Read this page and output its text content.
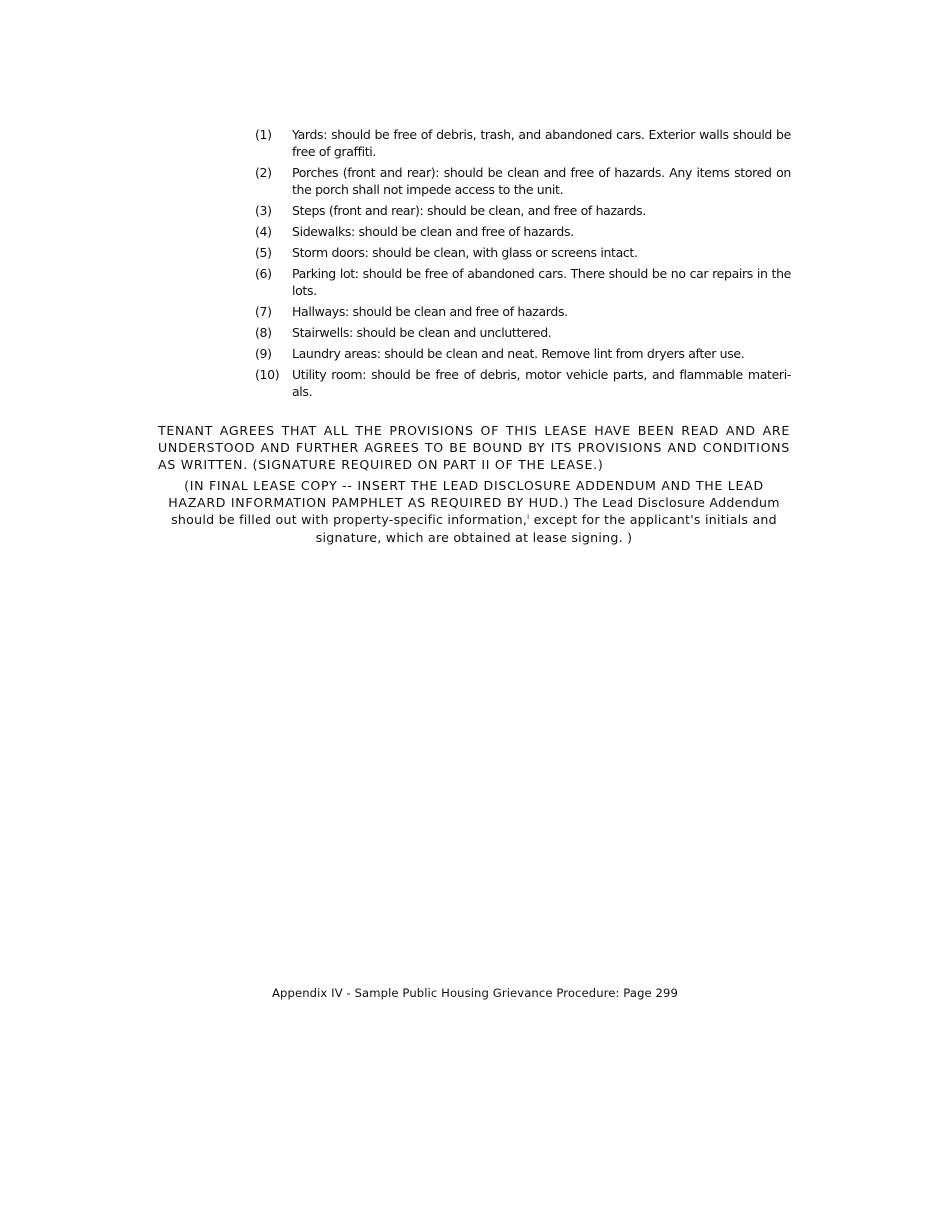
(1)	Yards: should be free of debris, trash, and abandoned cars. Exterior walls should be free of graffiti.
(2)	Porches (front and rear): should be clean and free of hazards. Any items stored on the porch shall not impede access to the unit.
(3)	Steps (front and rear): should be clean, and free of hazards.
(4)	Sidewalks: should be clean and free of hazards.
(5)	Storm doors: should be clean, with glass or screens intact.
(6)	Parking lot: should be free of abandoned cars. There should be no car repairs in the lots.
(7)	Hallways: should be clean and free of hazards.
(8)	Stairwells: should be clean and uncluttered.
(9)	Laundry areas: should be clean and neat. Remove lint from dryers after use.
(10)	Utility room: should be free of debris, motor vehicle parts, and flammable materi-als.

TENANT AGREES THAT ALL THE PROVISIONS OF THIS LEASE HAVE BEEN READ AND ARE UNDERSTOOD AND FURTHER AGREES TO BE BOUND BY ITS PROVISIONS AND CONDITIONS AS WRITTEN. (SIGNATURE REQUIRED ON PART II OF THE LEASE.)

(IN FINAL LEASE COPY -- INSERT THE LEAD DISCLOSURE ADDENDUM AND THE LEAD HAZARD INFORMATION PAMPHLET AS REQUIRED BY HUD.) The Lead Disclosure Addendum should be filled out with property-specific information,$^i$ except for the applicant's initials and signature, which are obtained at lease signing. )

Appendix IV - Sample Public Housing Grievance Procedure: Page 299
